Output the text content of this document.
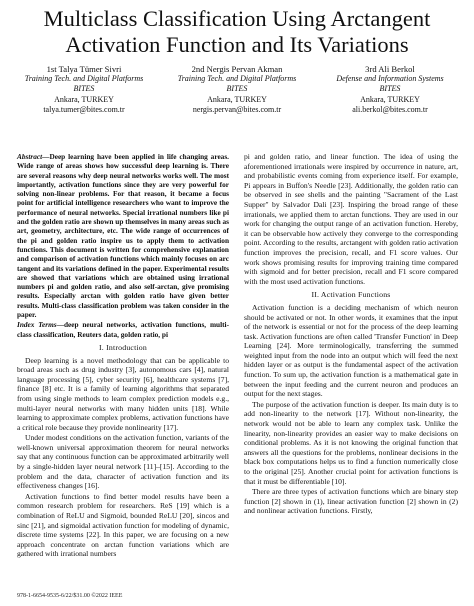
Multiclass Classification Using Arctangent Activation Function and Its Variations
1st Talya Tümer Sivri
Training Tech. and Digital Platforms
BITES
Ankara, TURKEY
talya.tumer@bites.com.tr
2nd Nergis Pervan Akman
Training Tech. and Digital Platforms
BITES
Ankara, TURKEY
nergis.pervan@bites.com.tr
3rd Ali Berkol
Defense and Information Systems
BITES
Ankara, TURKEY
ali.berkol@bites.com.tr
Abstract—Deep learning have been applied in life changing areas. Wide range of areas shows how successful deep learning is. There are several reasons why deep neural networks works well. The most importantly, activation functions since they are very powerful for solving non-linear problems. For that reason, it became a focus point for artificial intelligence researchers who want to improve the performance of neural networks. Special irrational numbers like pi and the golden ratio are shown up themselves in many areas such as art, geometry, architecture, etc. The wide range of occurrences of the pi and golden ratio inspire us to apply them to activation functions. This document is written for comprehensive explanation and comparison of activation functions which mainly focuses on arc tangent and its variations defined in the paper. Experimental results are showed that variations which are obtained using irrational numbers pi and golden ratio, and also self-arctan, give promising results. Especially arctan with golden ratio have given better results. Multi-class classification problem was taken consider in the paper.
Index Terms—deep neural networks, activation functions, multi-class classification, Reuters data, golden ratio, pi
I. Introduction

Deep learning is a novel methodology that can be applicable to broad areas such as drug industry [3], autonomous cars [4], natural language processing [5], cyber security [6], healthcare systems [7], finance [8] etc. It is a family of learning algorithms that separated from using single methods to learn complex prediction models e.g., multi-layer neural networks with many hidden units [18]. While learning to approximate complex problems, activation functions have a critical role because they provide nonlinearity [17].

Under modest conditions on the activation function, variants of the well-known universal approximation theorem for neural networks say that any continuous function can be approximated arbitrarily well by a single-hidden layer neural network [11]–[15]. According to the problem and the data, character of activation function and its effectiveness changes [16].

Activation functions to find better model results have been a common research problem for researchers. ReS [19] which is a combination of ReLU and Sigmoid, bounded ReLU [20], sincos and sinc [21], and sigmoidal activation function for modeling of dynamic, discrete time systems [22]. In this paper, we are focusing on a new approach concentrate on arctan function variations which are gathered with irrational numbers

pi and golden ratio, and linear function. The idea of using the aforementioned irrationals were inspired by occurrence in nature, art, and probabilistic events coming from experience itself. For example, Pi appears in Buffon's Needle [23]. Additionally, the golden ratio can be observed in see shells and the painting "Sacrament of the Last Supper" by Salvador Dali [23]. Inspiring the broad range of these irrationals, we applied them to arctan functions. They are used in our work for changing the output range of an activation function. Hereby, it can be observable how actively they converge to the corresponding point. According to the results, arctangent with golden ratio activation function improves the precision, recall, and F1 score values. Our work shows promising results for improving training time compared with sigmoid and for better precision, recall and F1 score compared with the most used activation functions.

II. Activation Functions

Activation function is a deciding mechanism of which neuron should be activated or not. In other words, it examines that the input of the network is essential or not for the process of the deep learning task. Activation functions are often called 'Transfer Function' in Deep Learning [24]. More terminologically, transferring the summed weighted input from the node into an output which will feed the next hidden layer or as output is the fundamental aspect of the activation function. To sum up, the activation function is a mathematical gate in between the input feeding and the current neuron and produces an output for the next stages.

The purpose of the activation function is deeper. Its main duty is to add non-linearity to the network [17]. Without non-linearity, the network would not be able to learn any complex task. Unlike the linearity, non-linearity provides an easier way to make decisions on conditional problems. As it is not knowing the original function that answers all the questions for the problems, nonlinear decisions in the black box computations helps us to find a function numerically close to the original [25]. Another crucial point for activation functions is that it must be differentiable [10].

There are three types of activation functions which are binary step function [2] shown in (1), linear activation function [2] shown in (2) and nonlinear activation functions. Firstly,

978-1-6654-9535-6/22/$31.00 ©2022 IEEE
